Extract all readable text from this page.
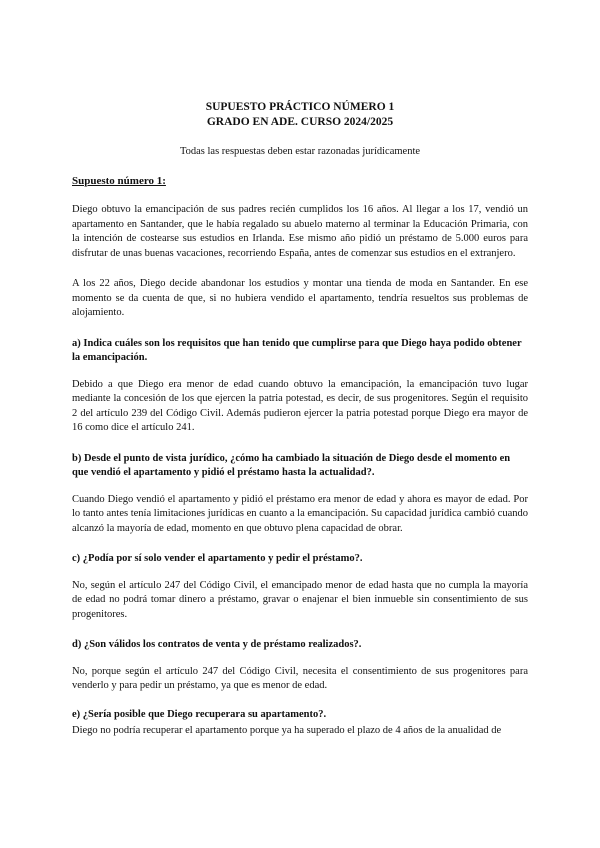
SUPUESTO PRÁCTICO NÚMERO 1

GRADO EN ADE. CURSO 2024/2025

Todas las respuestas deben estar razonadas jurídicamente

Supuesto número 1:

Diego obtuvo la emancipación de sus padres recién cumplidos los 16 años. Al llegar a los 17, vendió un apartamento en Santander, que le había regalado su abuelo materno al terminar la Educación Primaria, con la intención de costearse sus estudios en Irlanda. Ese mismo año pidió un préstamo de 5.000 euros para disfrutar de unas buenas vacaciones, recorriendo España, antes de comenzar sus estudios en el extranjero.

A los 22 años, Diego decide abandonar los estudios y montar una tienda de moda en Santander. En ese momento se da cuenta de que, si no hubiera vendido el apartamento, tendría resueltos sus problemas de alojamiento.

a) Indica cuáles son los requisitos que han tenido que cumplirse para que Diego haya podido obtener la emancipación.

Debido a que Diego era menor de edad cuando obtuvo la emancipación, la emancipación tuvo lugar mediante la concesión de los que ejercen la patria potestad, es decir, de sus progenitores. Según el requisito 2 del artículo 239 del Código Civil. Además pudieron ejercer la patria potestad porque Diego era mayor de 16 como dice el artículo 241.

b) Desde el punto de vista jurídico, ¿cómo ha cambiado la situación de Diego desde el momento en que vendió el apartamento y pidió el préstamo hasta la actualidad?.

Cuando Diego vendió el apartamento y pidió el préstamo era menor de edad y ahora es mayor de edad. Por lo tanto antes tenía limitaciones jurídicas en cuanto a la emancipación. Su capacidad jurídica cambió cuando alcanzó la mayoría de edad, momento en que obtuvo plena capacidad de obrar.

c) ¿Podía por sí solo vender el apartamento y pedir el préstamo?.

No, según el artículo 247 del Código Civil, el emancipado menor de edad hasta que no cumpla la mayoría de edad no podrá tomar dinero a préstamo, gravar o enajenar el bien inmueble sin consentimiento de sus progenitores.

d) ¿Son válidos los contratos de venta y de préstamo realizados?.

No, porque según el artículo 247 del Código Civil, necesita el consentimiento de sus progenitores para venderlo y para pedir un préstamo, ya que es menor de edad.

e) ¿Sería posible que Diego recuperara su apartamento?.

Diego no podría recuperar el apartamento porque ya ha superado el plazo de 4 años de la anualidad de
